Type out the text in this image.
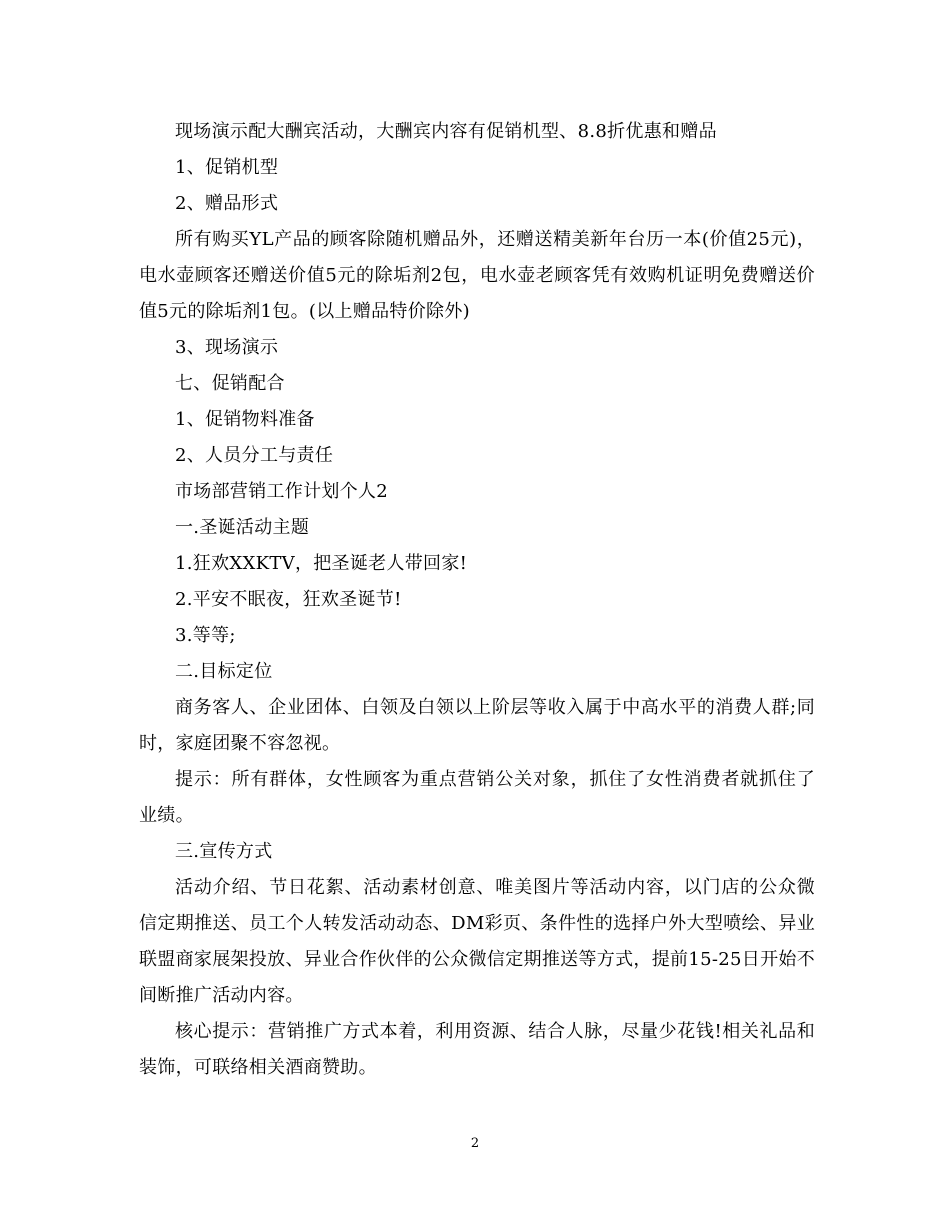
现场演示配大酬宾活动，大酬宾内容有促销机型、8.8折优惠和赠品

1、促销机型

2、赠品形式

所有购买YL产品的顾客除随机赠品外，还赠送精美新年台历一本(价值25元)，电水壶顾客还赠送价值5元的除垢剂2包，电水壶老顾客凭有效购机证明免费赠送价值5元的除垢剂1包。(以上赠品特价除外)

3、现场演示

七、促销配合

1、促销物料准备

2、人员分工与责任

市场部营销工作计划个人2

一.圣诞活动主题

1.狂欢XXKTV，把圣诞老人带回家!

2.平安不眠夜，狂欢圣诞节!

3.等等;

二.目标定位

商务客人、企业团体、白领及白领以上阶层等收入属于中高水平的消费人群;同时，家庭团聚不容忽视。

提示：所有群体，女性顾客为重点营销公关对象，抓住了女性消费者就抓住了业绩。

三.宣传方式

活动介绍、节日花絮、活动素材创意、唯美图片等活动内容，以门店的公众微信定期推送、员工个人转发活动动态、DM彩页、条件性的选择户外大型喷绘、异业联盟商家展架投放、异业合作伙伴的公众微信定期推送等方式，提前15-25日开始不间断推广活动内容。

核心提示：营销推广方式本着，利用资源、结合人脉，尽量少花钱!相关礼品和装饰，可联络相关酒商赞助。

2
